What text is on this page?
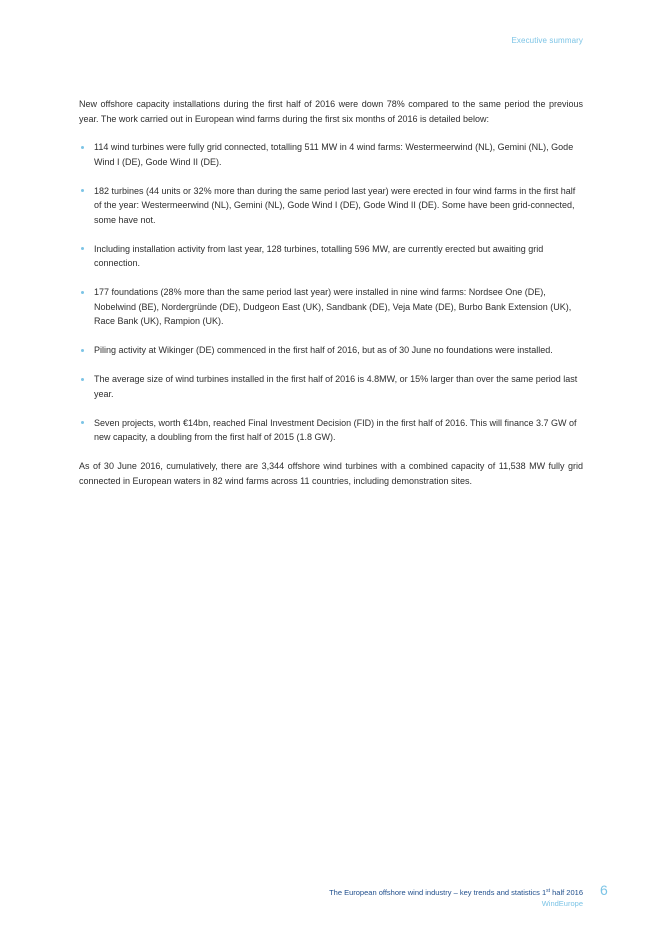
Executive summary

New offshore capacity installations during the first half of 2016 were down 78% compared to the same period the previous year. The work carried out in European wind farms during the first six months of 2016 is detailed below:

114 wind turbines were fully grid connected, totalling 511 MW in 4 wind farms: Westermeerwind (NL), Gemini (NL), Gode Wind I (DE), Gode Wind II (DE).
182 turbines (44 units or 32% more than during the same period last year) were erected in four wind farms in the first half of the year: Westermeerwind (NL), Gemini (NL), Gode Wind I (DE), Gode Wind II (DE). Some have been grid-connected, some have not.
Including installation activity from last year, 128 turbines, totalling 596 MW, are currently erected but awaiting grid connection.
177 foundations (28% more than the same period last year) were installed in nine wind farms: Nordsee One (DE), Nobelwind (BE), Nordergründe (DE), Dudgeon East (UK), Sandbank (DE), Veja Mate (DE), Burbo Bank Extension (UK), Race Bank (UK), Rampion (UK).
Piling activity at Wikinger (DE) commenced in the first half of 2016, but as of 30 June no foundations were installed.
The average size of wind turbines installed in the first half of 2016 is 4.8MW, or 15% larger than over the same period last year.
Seven projects, worth €14bn, reached Final Investment Decision (FID) in the first half of 2016. This will finance 3.7 GW of new capacity, a doubling from the first half of 2015 (1.8 GW).

As of 30 June 2016, cumulatively, there are 3,344 offshore wind turbines with a combined capacity of 11,538 MW fully grid connected in European waters in 82 wind farms across 11 countries, including demonstration sites.

The European offshore wind industry – key trends and statistics 1st half 2016
WindEurope
6
